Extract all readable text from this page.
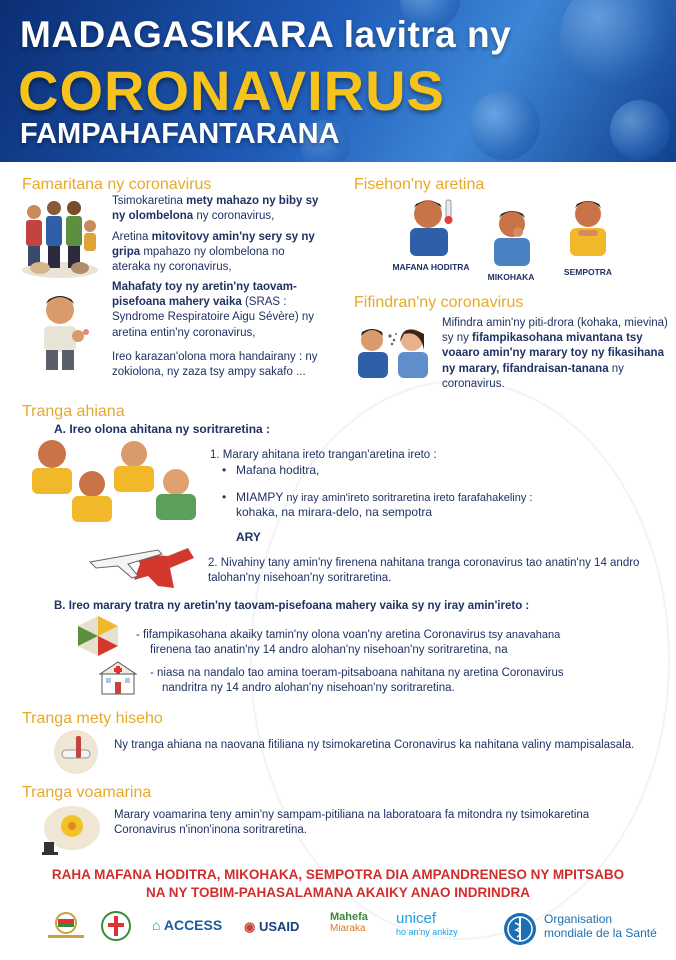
MADAGASIKARA lavitra ny
CORONAVIRUS
FAMPAHAFANTARANA
Famaritana ny coronavirus
Tsimokaretina mety mahazo ny biby sy ny olombelona ny coronavirus,
Aretina mitovitovy amin'ny sery sy ny gripa mpahazo ny olombelona no ateraka ny coronavirus,
Mahafaty toy ny aretin'ny taovam-pisefoana mahery vaika (SRAS : Syndrome Respiratoire Aigu Sévère) ny aretina entin'ny coronavirus,
Ireo karazan'olona mora handairany : ny zokiolona, ny zaza tsy ampy sakafo ...
Fisehon'ny aretina
MAFANA HODITRA
MIKOHAKA	SEMPOTRA
Fifindran'ny coronavirus
Mifindra amin'ny piti-drora (kohaka, mievina) sy ny fifampikasohana mivantana tsy voaaro amin'ny marary toy ny fikasihana ny marary, fifandraisan-tanana ny coronavirus.
Tranga ahiana
A. Ireo olona ahitana ny soritraretina :
1. Marary ahitana ireto trangan'aretina ireto :
• Mafana hoditra,
• MIAMPY ny iray amin'ireto soritraretina ireto farafahakeliny :
kohaka, na mirara-delo, na sempotra
ARY
2. Nivahiny tany amin'ny firenena nahitana tranga coronavirus tao anatin'ny 14 andro talohan'ny nisehoan'ny soritraretina.
B. Ireo marary tratra ny aretin'ny taovam-pisefoana mahery vaika sy ny iray amin'ireto :
- fifampikasohana akaiky tamin'ny olona voan'ny aretina Coronavirus tsy anavahana
firenena tao anatin'ny 14 andro alohan'ny nisehoan'ny soritraretina, na
- niasa na nandalo tao amina toeram-pitsaboana nahitana ny aretina Coronavirus
nandritra ny 14 andro alohan'ny nisehoan'ny soritraretina.
Tranga mety hiseho
Ny tranga ahiana na naovana fitiliana ny tsimokaretina Coronavirus ka nahitana valiny mampisalasala.
Tranga voamarina
Marary voamarina teny amin'ny sampam-pitiliana na laboratoara fa mitondra ny tsimokaretina Coronavirus n'inon'inona soritraretina.
RAHA MAFANA HODITRA, MIKOHAKA, SEMPOTRA DIA AMPANDRENESO NY MPITSABO
NA NY TOBIM-PAHASALAMANA AKAIKY ANAO INDRINDRA
⌂ ACCESS ◉ USAID
Mahefa
Miaraka
unicef
ho an'ny ankizy
Organisation
mondiale de la Santé
